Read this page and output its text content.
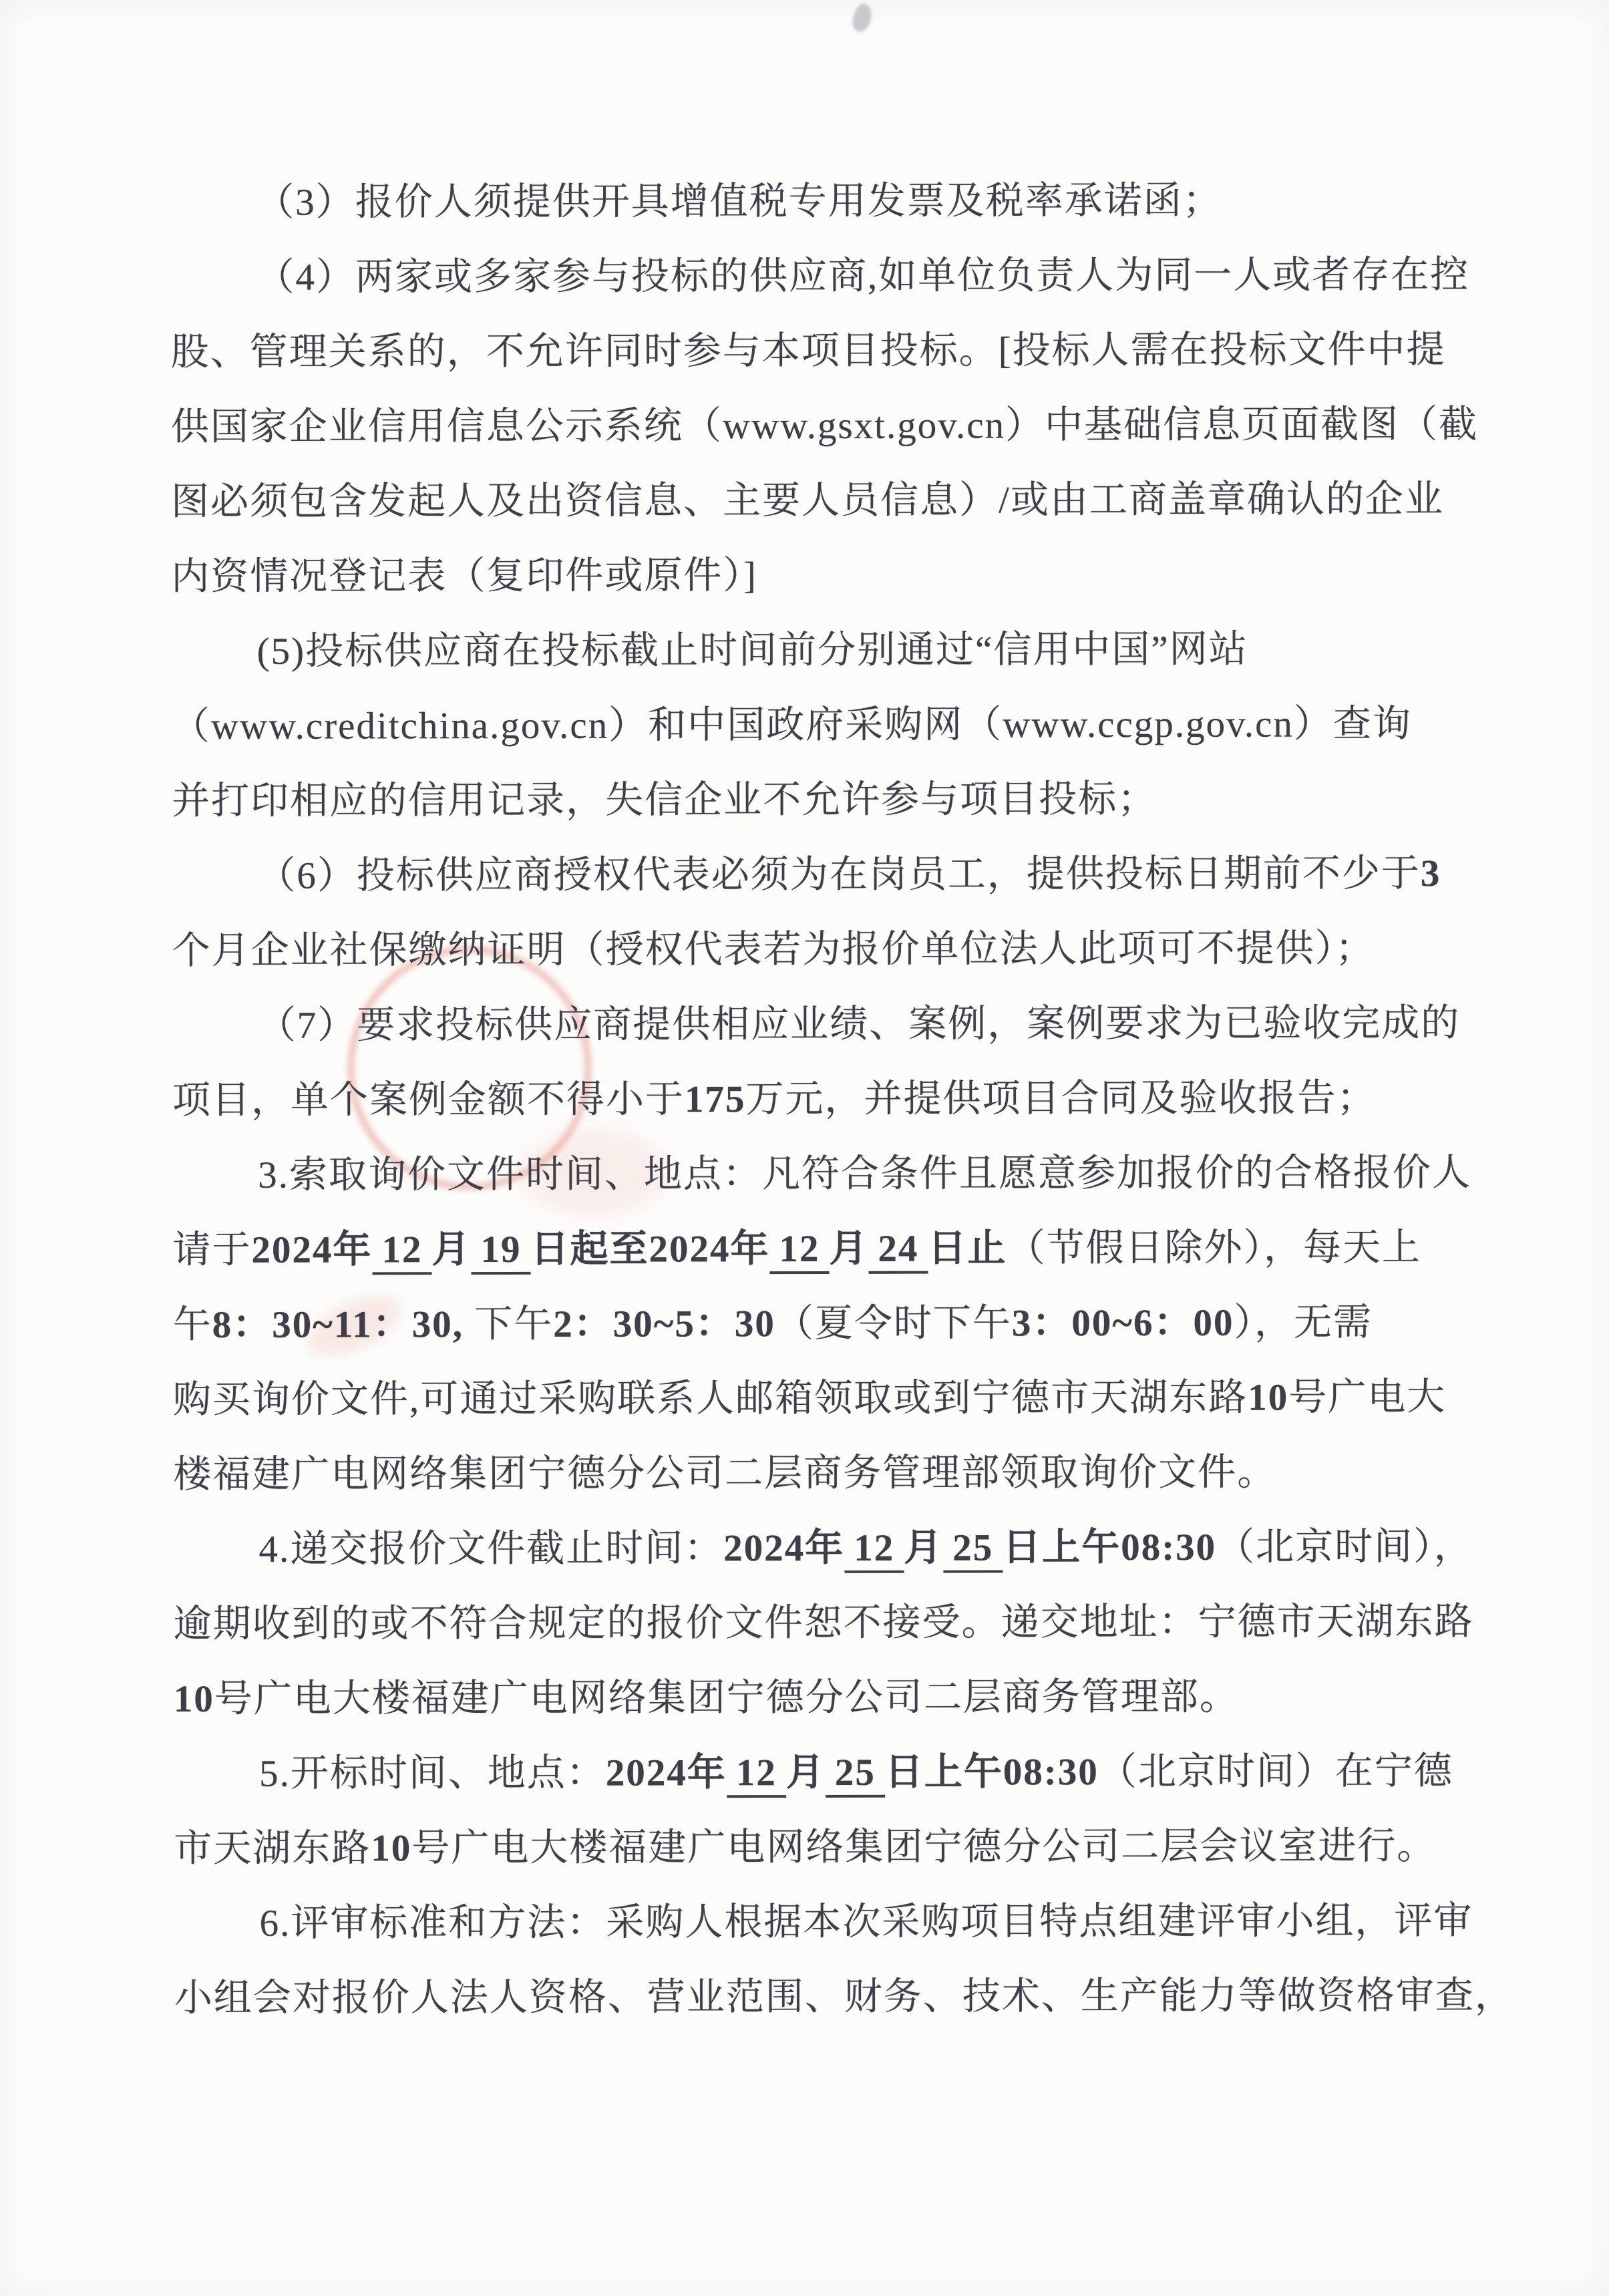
（3）报价人须提供开具增值税专用发票及税率承诺函；
（4）两家或多家参与投标的供应商,如单位负责人为同一人或者存在控
股、管理关系的，不允许同时参与本项目投标。[投标人需在投标文件中提
供国家企业信用信息公示系统（www.gsxt.gov.cn）中基础信息页面截图（截
图必须包含发起人及出资信息、主要人员信息）/或由工商盖章确认的企业
内资情况登记表（复印件或原件）]
(5)投标供应商在投标截止时间前分别通过“信用中国”网站
（www.creditchina.gov.cn）和中国政府采购网（www.ccgp.gov.cn）查询
并打印相应的信用记录，失信企业不允许参与项目投标；
（6）投标供应商授权代表必须为在岗员工，提供投标日期前不少于3
个月企业社保缴纳证明（授权代表若为报价单位法人此项可不提供）；
（7）要求投标供应商提供相应业绩、案例，案例要求为已验收完成的
项目，单个案例金额不得小于175万元，并提供项目合同及验收报告；
3.索取询价文件时间、地点：凡符合条件且愿意参加报价的合格报价人
请于2024年 12 月 19 日起至2024年 12 月 24 日止（节假日除外），每天上
午8：30~11：30, 下午2：30~5：30（夏令时下午3：00~6：00），无需
购买询价文件,可通过采购联系人邮箱领取或到宁德市天湖东路10号广电大
楼福建广电网络集团宁德分公司二层商务管理部领取询价文件。
4.递交报价文件截止时间：2024年 12 月 25 日上午08:30（北京时间），
逾期收到的或不符合规定的报价文件恕不接受。递交地址：宁德市天湖东路
10号广电大楼福建广电网络集团宁德分公司二层商务管理部。
5.开标时间、地点：2024年 12 月 25 日上午08:30（北京时间）在宁德
市天湖东路10号广电大楼福建广电网络集团宁德分公司二层会议室进行。
6.评审标准和方法：采购人根据本次采购项目特点组建评审小组，评审
小组会对报价人法人资格、营业范围、财务、技术、生产能力等做资格审查，
